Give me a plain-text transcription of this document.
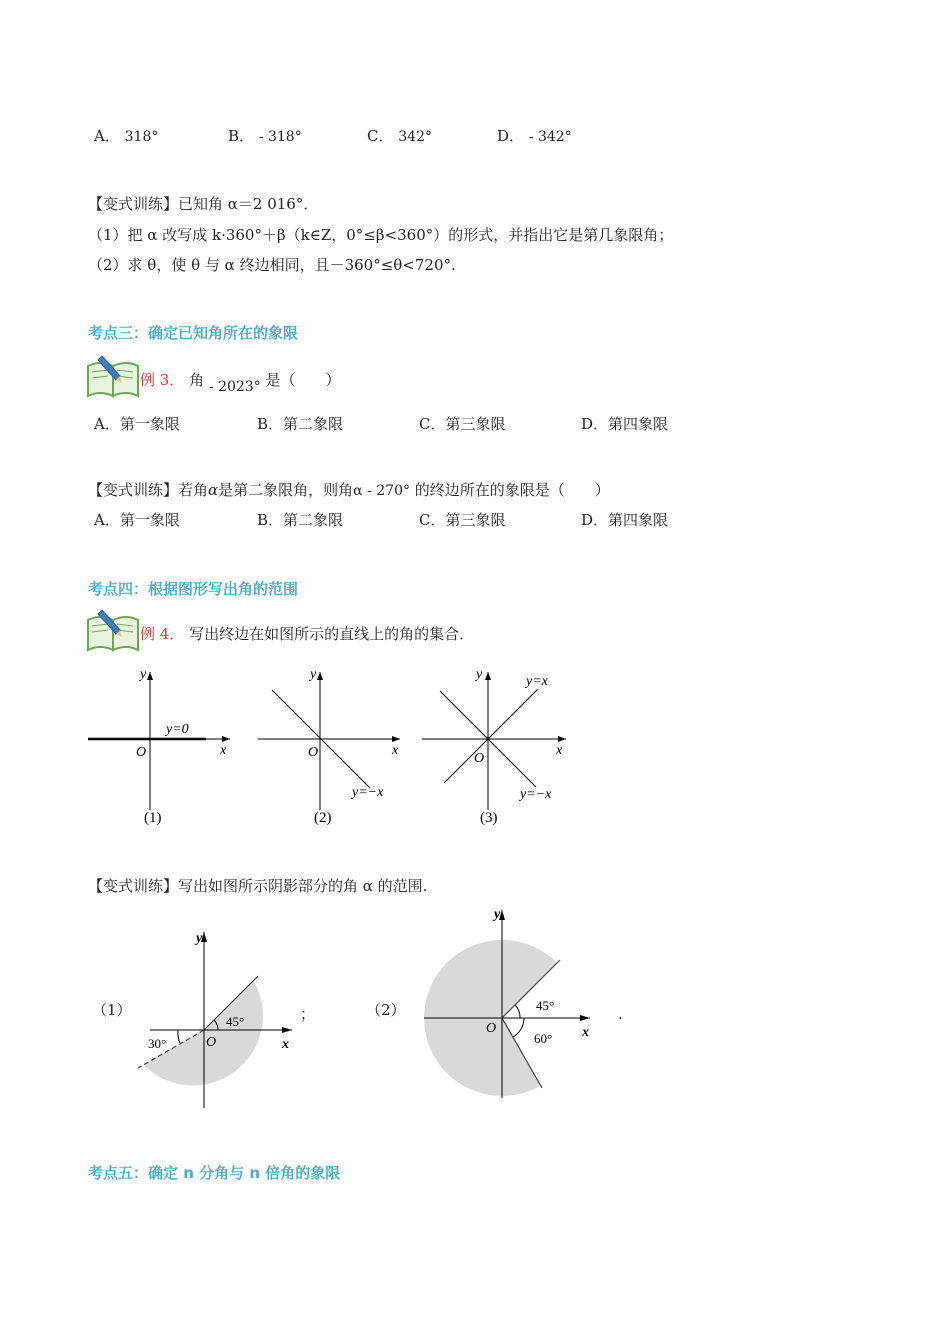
A． 318°	B． - 318°	C． 342°	D． - 342°
【变式训练】已知角 α＝2 016°．
（1）把 α 改写成 k·360°＋β（k∈Z，0°≤β<360°）的形式，并指出它是第几象限角；
（2）求 θ，使 θ 与 α 终边相同，且－360°≤θ<720°.
考点三：确定已知角所在的象限
例 3． 角 - 2023° 是（　　）
A．第一象限	B．第二象限	C．第三象限	D．第四象限
【变式训练】若角α是第二象限角，则角α - 270° 的终边所在的象限是（　　）
A．第一象限	B．第二象限	C．第三象限	D．第四象限
考点四：根据图形写出角的范围
例 4． 写出终边在如图所示的直线上的角的集合．
y
x
O
y=0
(1)
y
x
O
y=−x
(2)
y
x
O
y=x
y=−x
(3)
【变式训练】写出如图所示阴影部分的角 α 的范围.
（1）	；	（2）	.
y
x
O
45°
30°
y
x
O
45°
60°
考点五：确定 n 分角与 n 倍角的象限
